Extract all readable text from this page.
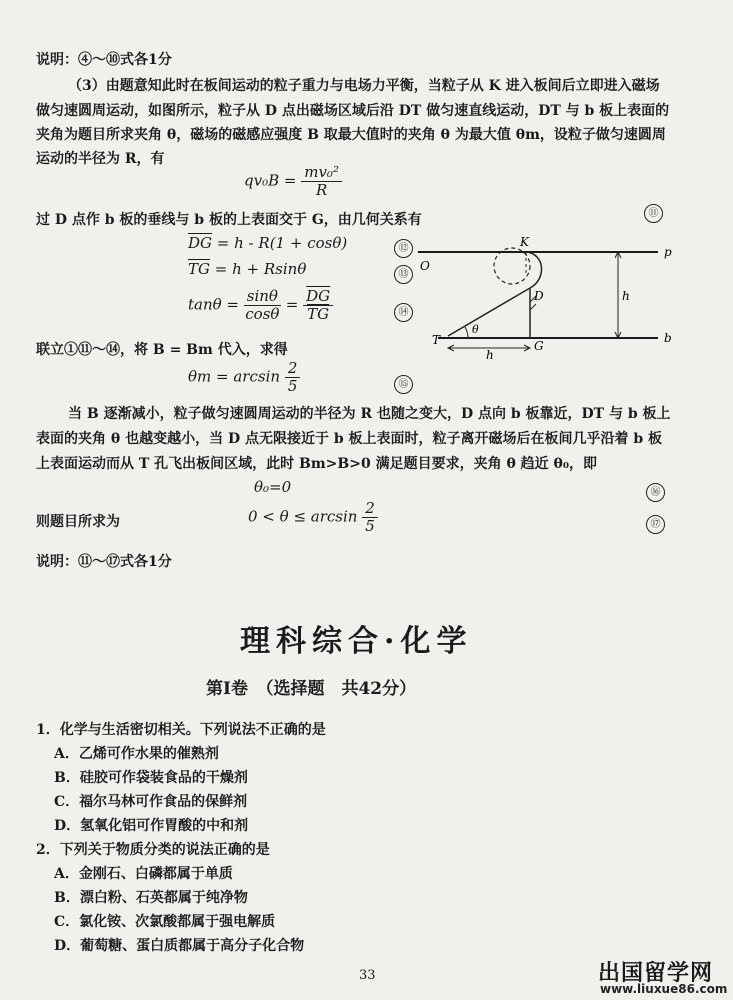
说明：④～⑩式各1分
（3）由题意知此时在板间运动的粒子重力与电场力平衡，当粒子从 K 进入板间后立即进入磁场
做匀速圆周运动，如图所示，粒子从 D 点出磁场区域后沿 DT 做匀速直线运动，DT 与 b 板上表面的
夹角为题目所求夹角 θ，磁场的磁感应强度 B 取最大值时的夹角 θ 为最大值 θm，设粒子做匀速圆周
运动的半径为 R，有
$qv_0B = \frac{\text{mv₀²}}{R}$
⑪
过 D 点作 b 板的垂线与 b 板的上表面交于 G，由几何关系有
$\overline{DG} = h - R(1 + \cos\theta)$	⑫
$\overline{TG} = h + Rsin\theta$	⑬
$\tan\theta = \frac{\sin\theta}{\cos\theta} = \frac{\overline{DG}}{TG}$	⑭
联立①⑪～⑭，将 B = Bm 代入，求得
$\theta m = \arcsin \frac{2}{5}$	⑮
K
O
p
D	h
θ
T	G
h
b
当 B 逐渐减小，粒子做匀速圆周运动的半径为 R 也随之变大，D 点向 b 板靠近，DT 与 b 板上
表面的夹角 θ 也越变越小，当 D 点无限接近于 b 板上表面时，粒子离开磁场后在板间几乎沿着 b 板
上表面运动而从 T 孔飞出板间区域，此时 Bm>B>0 满足题目要求，夹角 θ 趋近 θ₀，即
θ₀=0	⑯
则题目所求为	$0 < \theta \le \arcsin \frac{2}{5}$	⑰
说明：⑪～⑰式各1分
理科综合·化学
第Ⅰ卷　（选择题　共42分）
1．化学与生活密切相关。下列说法不正确的是
A．乙烯可作水果的催熟剂
B．硅胶可作袋装食品的干燥剂
C．福尔马林可作食品的保鲜剂
D．氢氧化铝可作胃酸的中和剂
2．下列关于物质分类的说法正确的是
A．金刚石、白磷都属于单质
B．漂白粉、石英都属于纯净物
C．氯化铵、次氯酸都属于强电解质
D．葡萄糖、蛋白质都属于高分子化合物
33	出国留学网
www.liuxue86.com
